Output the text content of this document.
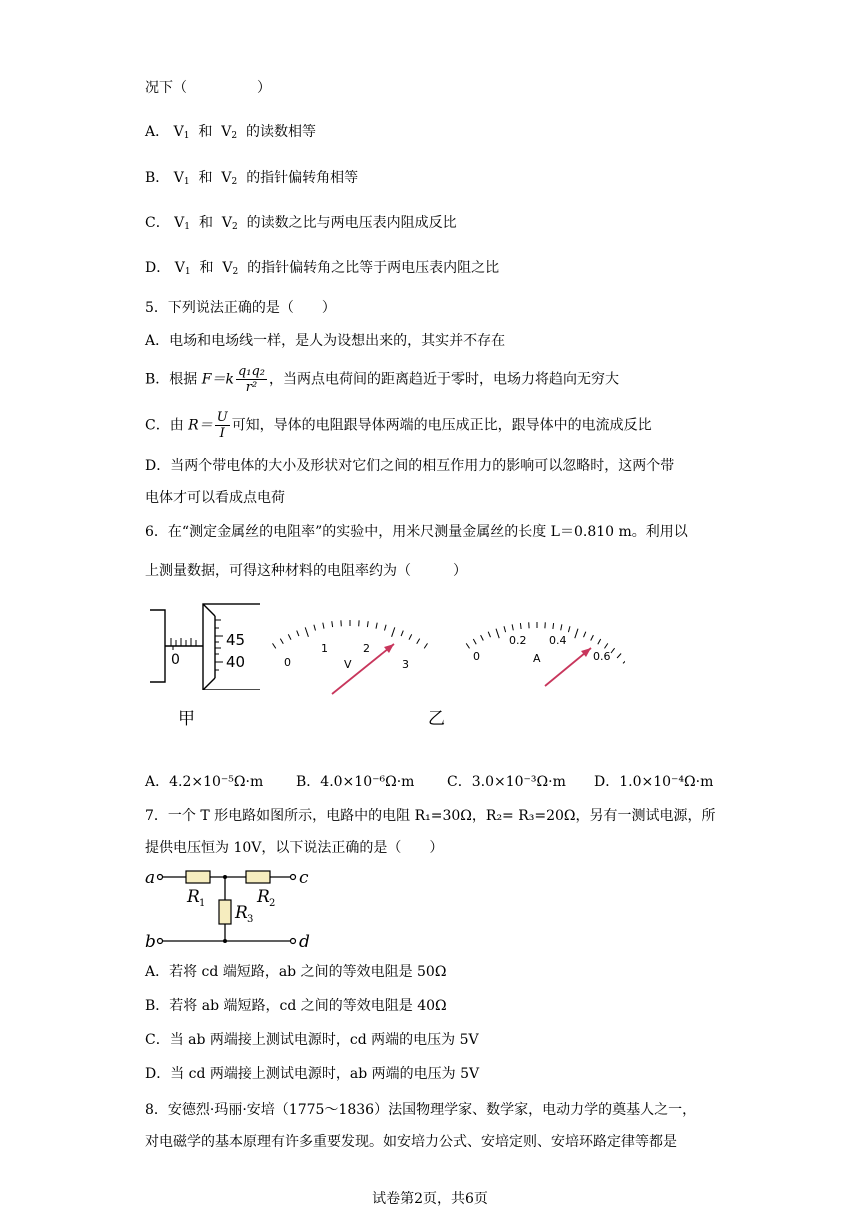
况下（　　　　　）
A． $V_1$ 和 $V_2$ 的读数相等
B． $V_1$ 和 $V_2$ 的指针偏转角相等
C． $V_1$ 和 $V_2$ 的读数之比与两电压表内阻成反比
D． $V_1$ 和 $V_2$ 的指针偏转角之比等于两电压表内阻之比
5．下列说法正确的是（　　）
A．电场和电场线一样，是人为设想出来的，其实并不存在
B．根据 $F=k \frac{\text{q₁q₂}}{\text{r²}}$ ，当两点电荷间的距离趋近于零时，电场力将趋向无穷大
C．由 $R= \frac{U}{I}$ 可知，导体的电阻跟导体两端的电压成正比，跟导体中的电流成反比
D．当两个带电体的大小及形状对它们之间的相互作用力的影响可以忽略时，这两个带
电体才可以看成点电荷
6．在“测定金属丝的电阻率”的实验中，用米尺测量金属丝的长度 L＝0.810 m。利用以
上测量数据，可得这种材料的电阻率约为（　　　）
45
40
0	0
1	2
3
V
0
0.2 0.4
0.6
A
甲	乙
A．4.2×10⁻⁵Ω·m B．4.0×10⁻⁶Ω·m C．3.0×10⁻³Ω·m D．1.0×10⁻⁴Ω·m
7．一个 T 形电路如图所示，电路中的电阻 R₁=30Ω，R₂= R₃=20Ω，另有一测试电源，所
提供电压恒为 10V，以下说法正确的是（　　）
a	c
b	d
R	R
R
1	2
3
A．若将 cd 端短路，ab 之间的等效电阻是 50Ω
B．若将 ab 端短路，cd 之间的等效电阻是 40Ω
C．当 ab 两端接上测试电源时，cd 两端的电压为 5V
D．当 cd 两端接上测试电源时，ab 两端的电压为 5V
8．安德烈·玛丽·安培（1775～1836）法国物理学家、数学家，电动力学的奠基人之一，
对电磁学的基本原理有许多重要发现。如安培力公式、安培定则、安培环路定律等都是
试卷第2页，共6页
